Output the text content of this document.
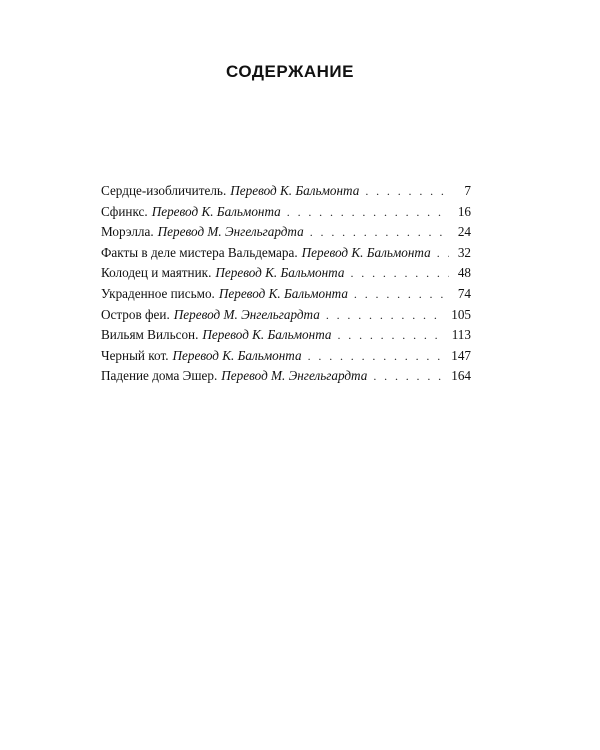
СОДЕРЖАНИЕ
Сердце-изобличитель. Перевод К. Бальмонта . . .	7
Сфинкс. Перевод К. Бальмонта . . .	16
Морэлла. Перевод М. Энгельгардта . . .	24
Факты в деле мистера Вальдемара. Перевод К. Бальмонта . . . 32
Колодец и маятник. Перевод К. Бальмонта . . .	48
Украденное письмо. Перевод К. Бальмонта . . .	74
Остров феи. Перевод М. Энгельгардта . . .	105
Вильям Вильсон. Перевод К. Бальмонта . . .	113
Черный кот. Перевод К. Бальмонта . . .	147
Падение дома Эшер. Перевод М. Энгельгардта . . .	164
